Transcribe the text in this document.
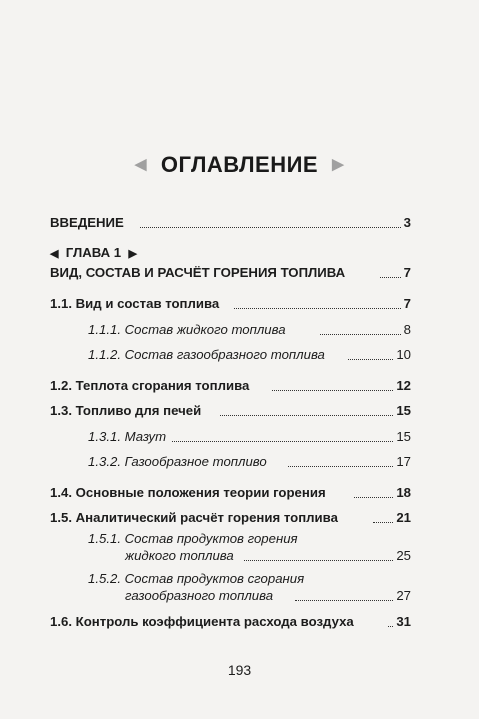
◀ ОГЛАВЛЕНИЕ ▶
ВВЕДЕНИЕ	3
◀ ГЛАВА 1 ▶
ВИД, СОСТАВ И РАСЧЁТ ГОРЕНИЯ ТОПЛИВА	7
1.1. Вид и состав топлива	7
1.1.1. Состав жидкого топлива	8
1.1.2. Состав газообразного топлива	10
1.2. Теплота сгорания топлива	12
1.3. Топливо для печей	15
1.3.1. Мазут	15
1.3.2. Газообразное топливо	17
1.4. Основные положения теории горения	18
1.5. Аналитический расчёт горения топлива	21
1.5.1. Состав продуктов горения
жидкого топлива	25
1.5.2. Состав продуктов сгорания
газообразного топлива	27
1.6. Контроль коэффициента расхода воздуха	31
193
